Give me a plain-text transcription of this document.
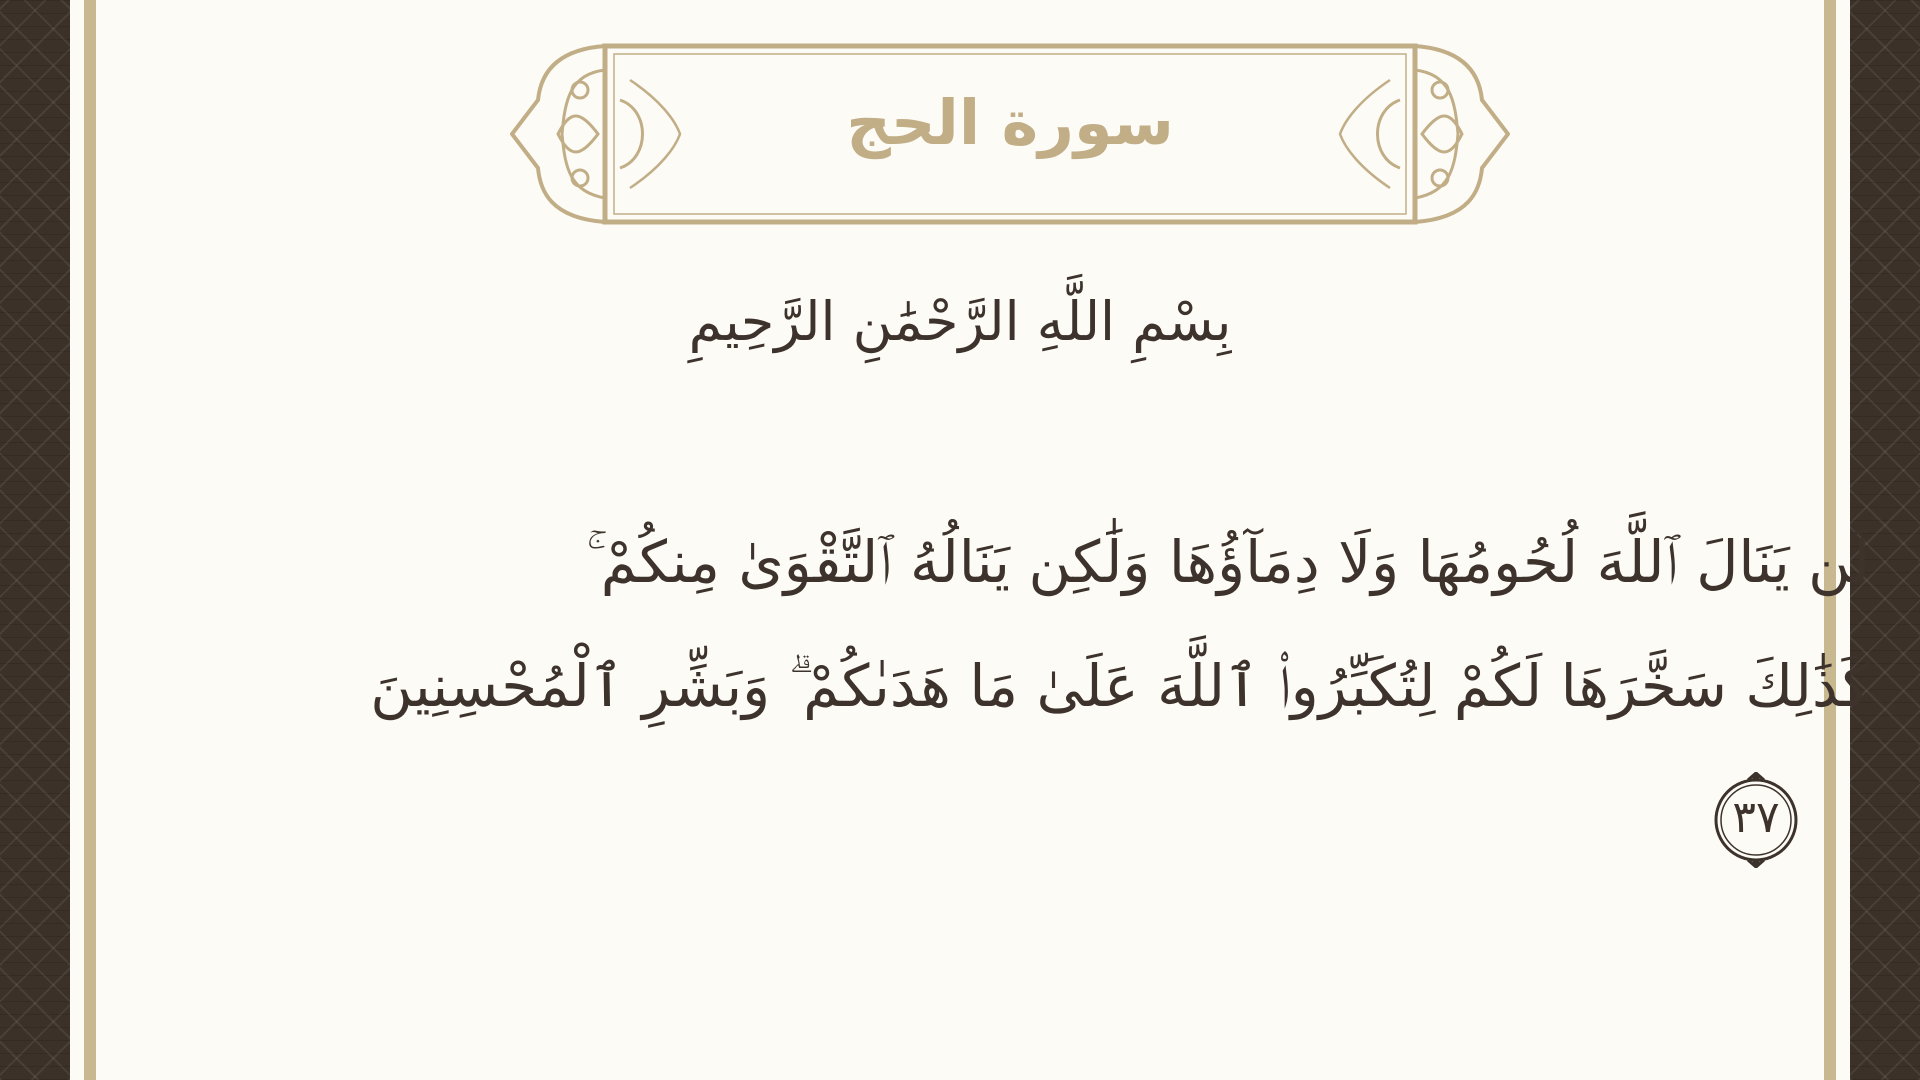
سورة الحج
بِسْمِ اللَّهِ الرَّحْمَٰنِ الرَّحِيمِ
لَن يَنَالَ ٱللَّهَ لُحُومُهَا وَلَا دِمَآؤُهَا وَلَٰكِن يَنَالُهُ ٱلتَّقْوَىٰ مِنكُمْ ۚ
كَذَٰلِكَ سَخَّرَهَا لَكُمْ لِتُكَبِّرُوا۟ ٱللَّهَ عَلَىٰ مَا هَدَىٰكُمْ ۗ وَبَشِّرِ ٱلْمُحْسِنِينَ
٣٧
